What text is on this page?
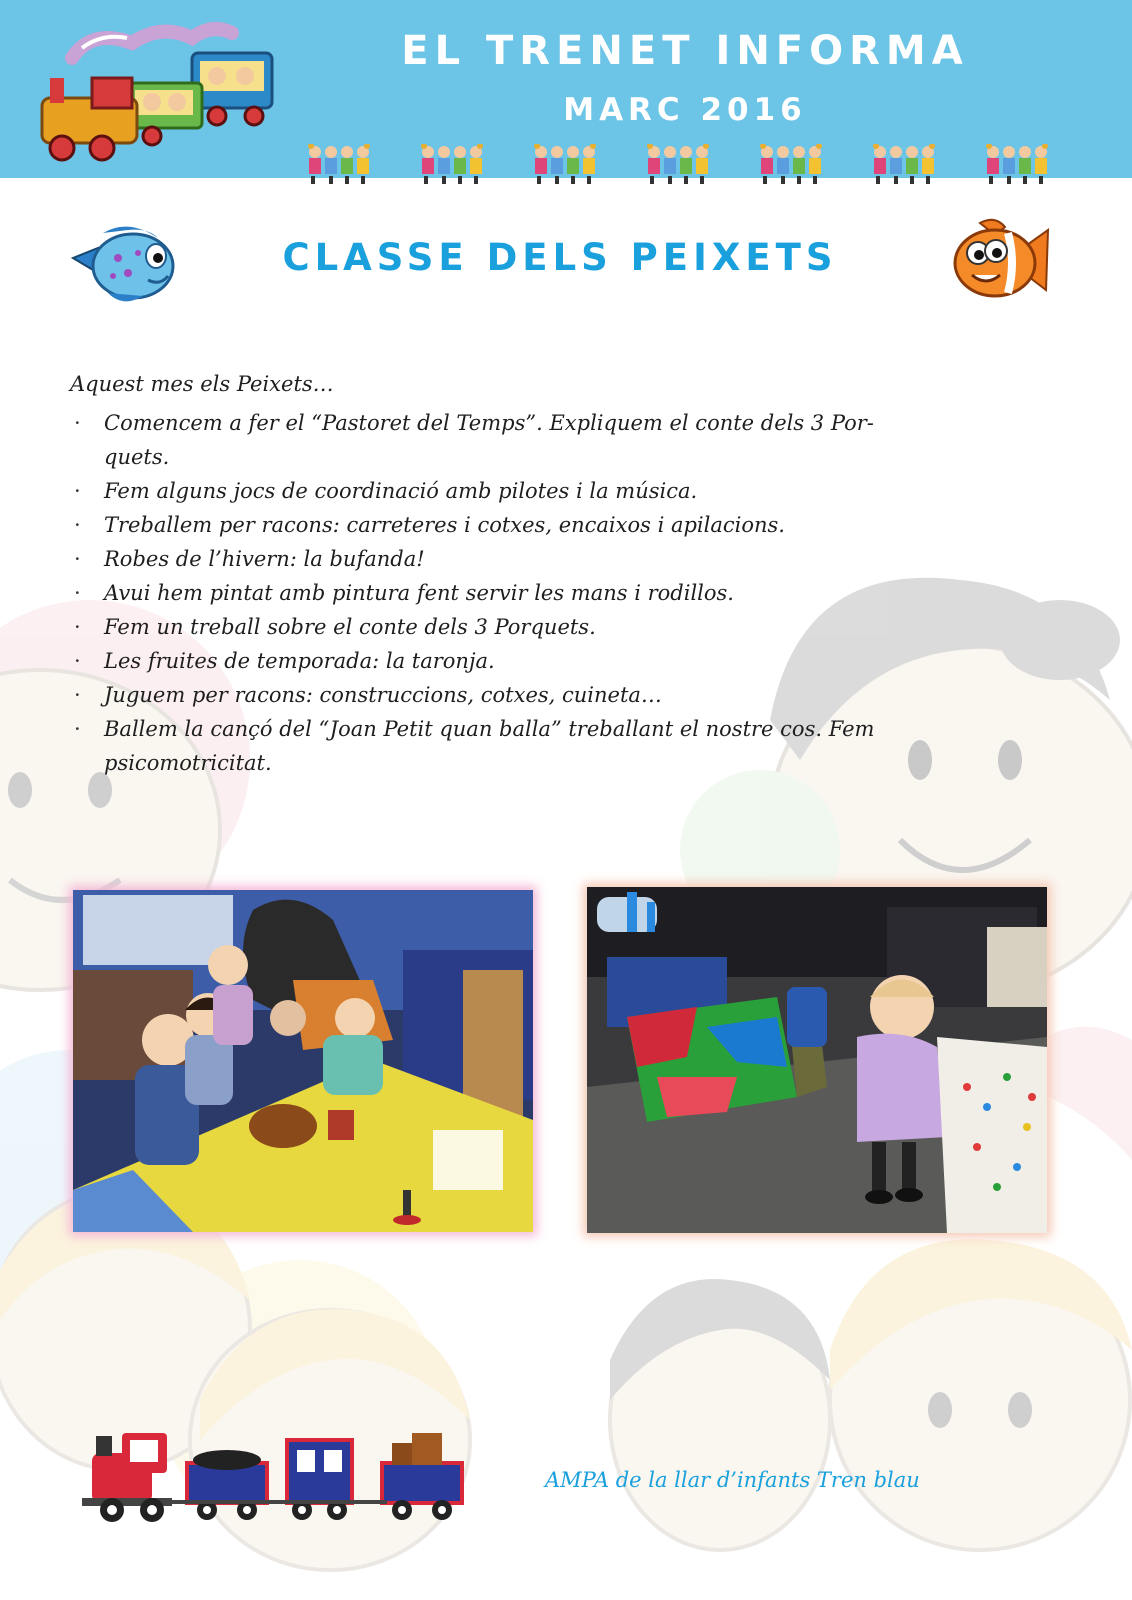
EL TRENET INFORMA
MARC 2016
CLASSE DELS PEIXETS
Aquest mes els Peixets…
· Comencem a fer el “Pastoret del Temps”. Expliquem el conte dels 3 Por-
quets.
· Fem alguns jocs de coordinació amb pilotes i la música.
· Treballem per racons: carreteres i cotxes, encaixos i apilacions.
· Robes de l’hivern: la bufanda!
· Avui hem pintat amb pintura fent servir les mans i rodillos.
· Fem un treball sobre el conte dels 3 Porquets.
· Les fruites de temporada: la taronja.
· Juguem per racons: construccions, cotxes, cuineta…
· Ballem la cançó del “Joan Petit quan balla” treballant el nostre cos. Fem
psicomotricitat.
AMPA de la llar d’infants Tren blau
